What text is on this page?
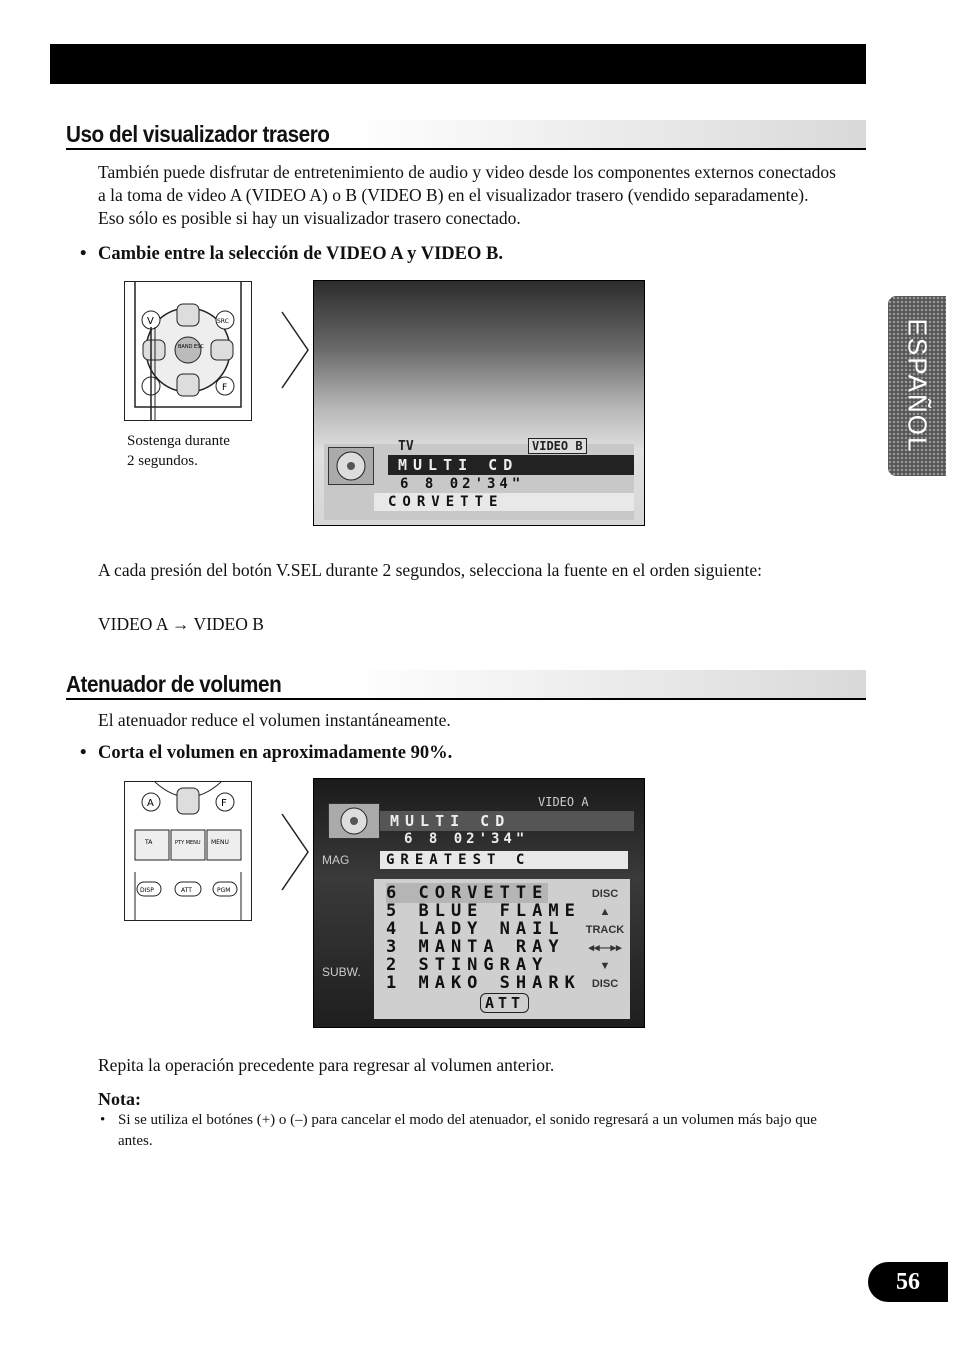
Uso del visualizador trasero
También puede disfrutar de entretenimiento de audio y video desde los componentes externos conectados a la toma de video A (VIDEO A) o B (VIDEO B) en el visualizador trasero (vendido separadamente). Eso sólo es posible si hay un visualizador trasero conectado.
• Cambie entre la selección de VIDEO A y VIDEO B.
V	SRC
BAND ESC
F
Sostenga durante
2 segundos.
TV	VIDEO B
MULTI CD
6 8 02'34"
CORVETTE
A cada presión del botón V.SEL durante 2 segundos, selecciona la fuente en el orden siguiente:
VIDEO A → VIDEO B
Atenuador de volumen
El atenuador reduce el volumen instantáneamente.
• Corta el volumen en aproximadamente 90%.
A	F
TA	PTY MENU MENU
DISP	ATT	PGM
VIDEO A
MULTI CD
6 8 02'34"
MAG	GREATEST C
6 CORVETTE
5 BLUE FLAME
4 LADY NAIL
3 MANTA RAY
2 STINGRAY
1 MAKO SHARK
DISC
▲
TRACK
◂◂—▸▸
▼
DISC
SUBW.
ATT
Repita la operación precedente para regresar al volumen anterior.
Nota:
• Si se utiliza el botónes (+) o (–) para cancelar el modo del atenuador, el sonido regresará a un volumen más bajo que antes.
ESPAÑOL
56
